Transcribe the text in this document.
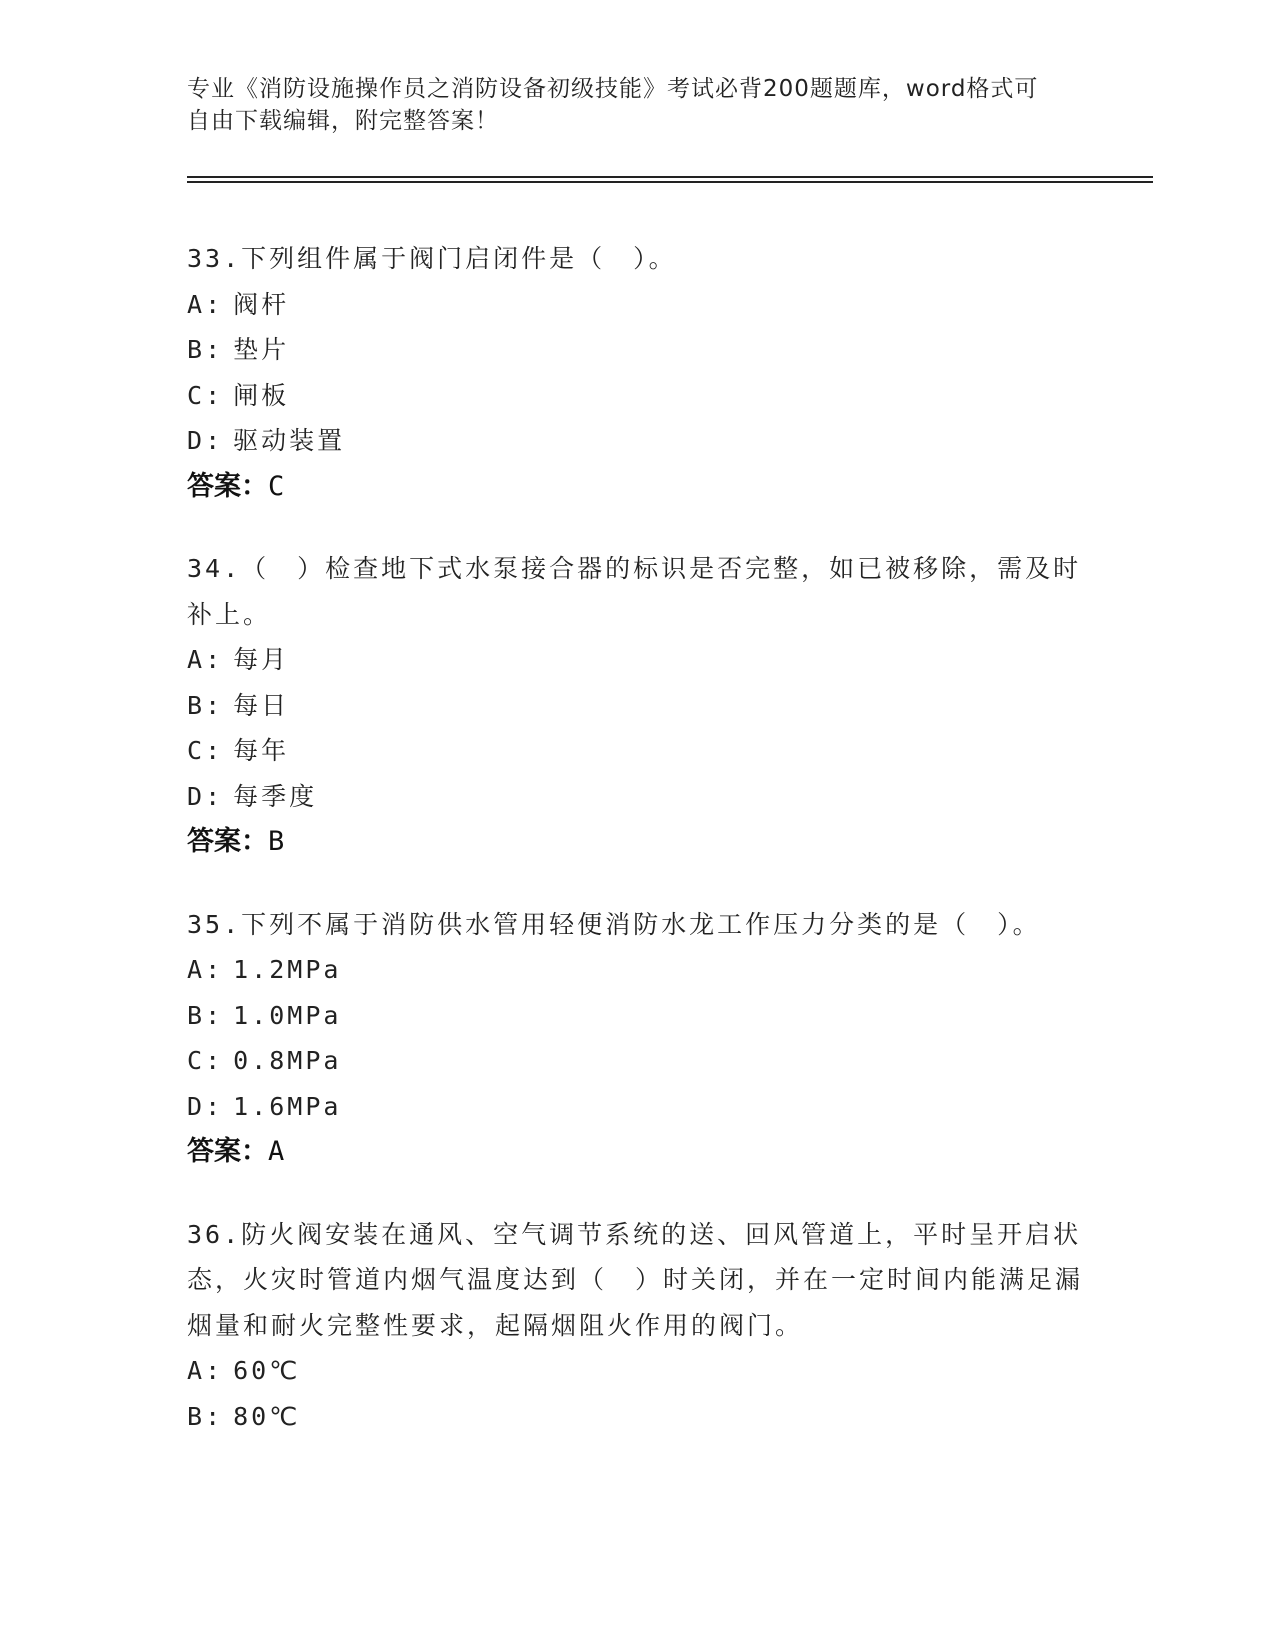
专业《消防设施操作员之消防设备初级技能》考试必背200题题库，word格式可
自由下载编辑，附完整答案！
33.下列组件属于阀门启闭件是（　）。
A: 阀杆
B: 垫片
C: 闸板
D: 驱动装置
答案：C
34.（　）检查地下式水泵接合器的标识是否完整，如已被移除，需及时补上。
A: 每月
B: 每日
C: 每年
D: 每季度
答案：B
35.下列不属于消防供水管用轻便消防水龙工作压力分类的是（　）。
A: 1.2MPa
B: 1.0MPa
C: 0.8MPa
D: 1.6MPa
答案：A
36.防火阀安装在通风、空气调节系统的送、回风管道上，平时呈开启状态，火灾时管道内烟气温度达到（　）时关闭，并在一定时间内能满足漏烟量和耐火完整性要求，起隔烟阻火作用的阀门。
A: 60℃
B: 80℃
